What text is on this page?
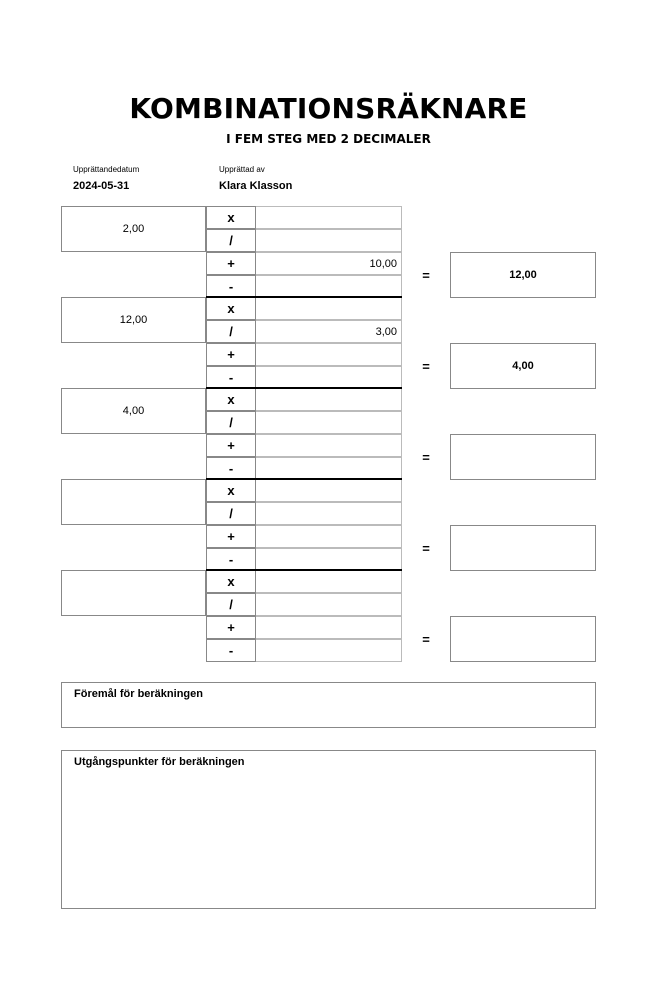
KOMBINATIONSRÄKNARE
I FEM STEG MED 2 DECIMALER
Upprättandedatum
2024-05-31
Upprättad av
Klara Klasson
2,00
x
/
+	10,00
-
=	12,00
12,00
x
/	3,00
+
-
=	4,00
4,00
x
/
+
-
=
x
/
+
-
=
x
/
+
-
=
Föremål för beräkningen
Utgångspunkter för beräkningen
